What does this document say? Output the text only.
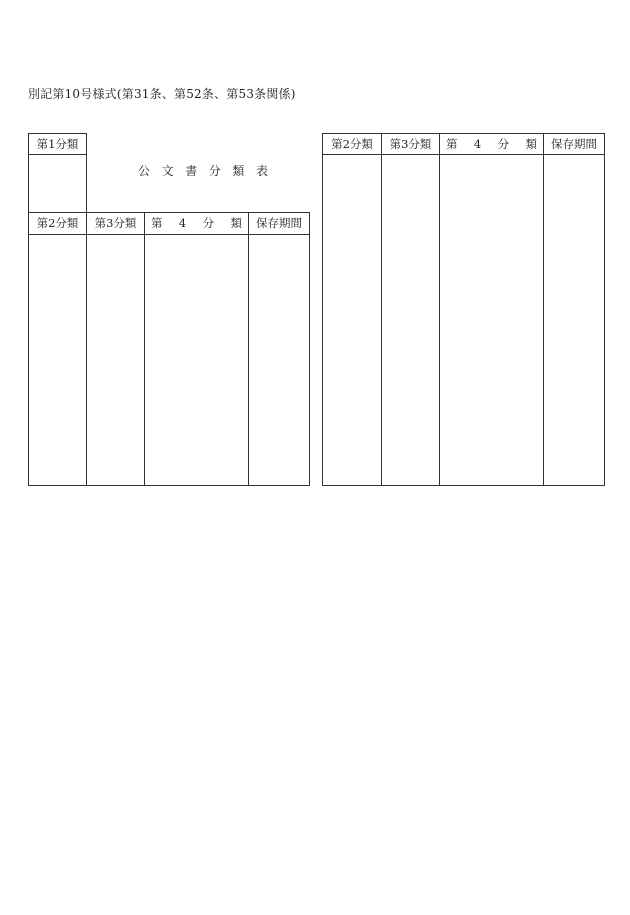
別記第10号様式(第31条、第52条、第53条関係)
第1分類
公 文 書 分 類 表
第2分類	第3分類	第 4 分 類	保存期間
第2分類	第3分類	第 4 分 類	保存期間
